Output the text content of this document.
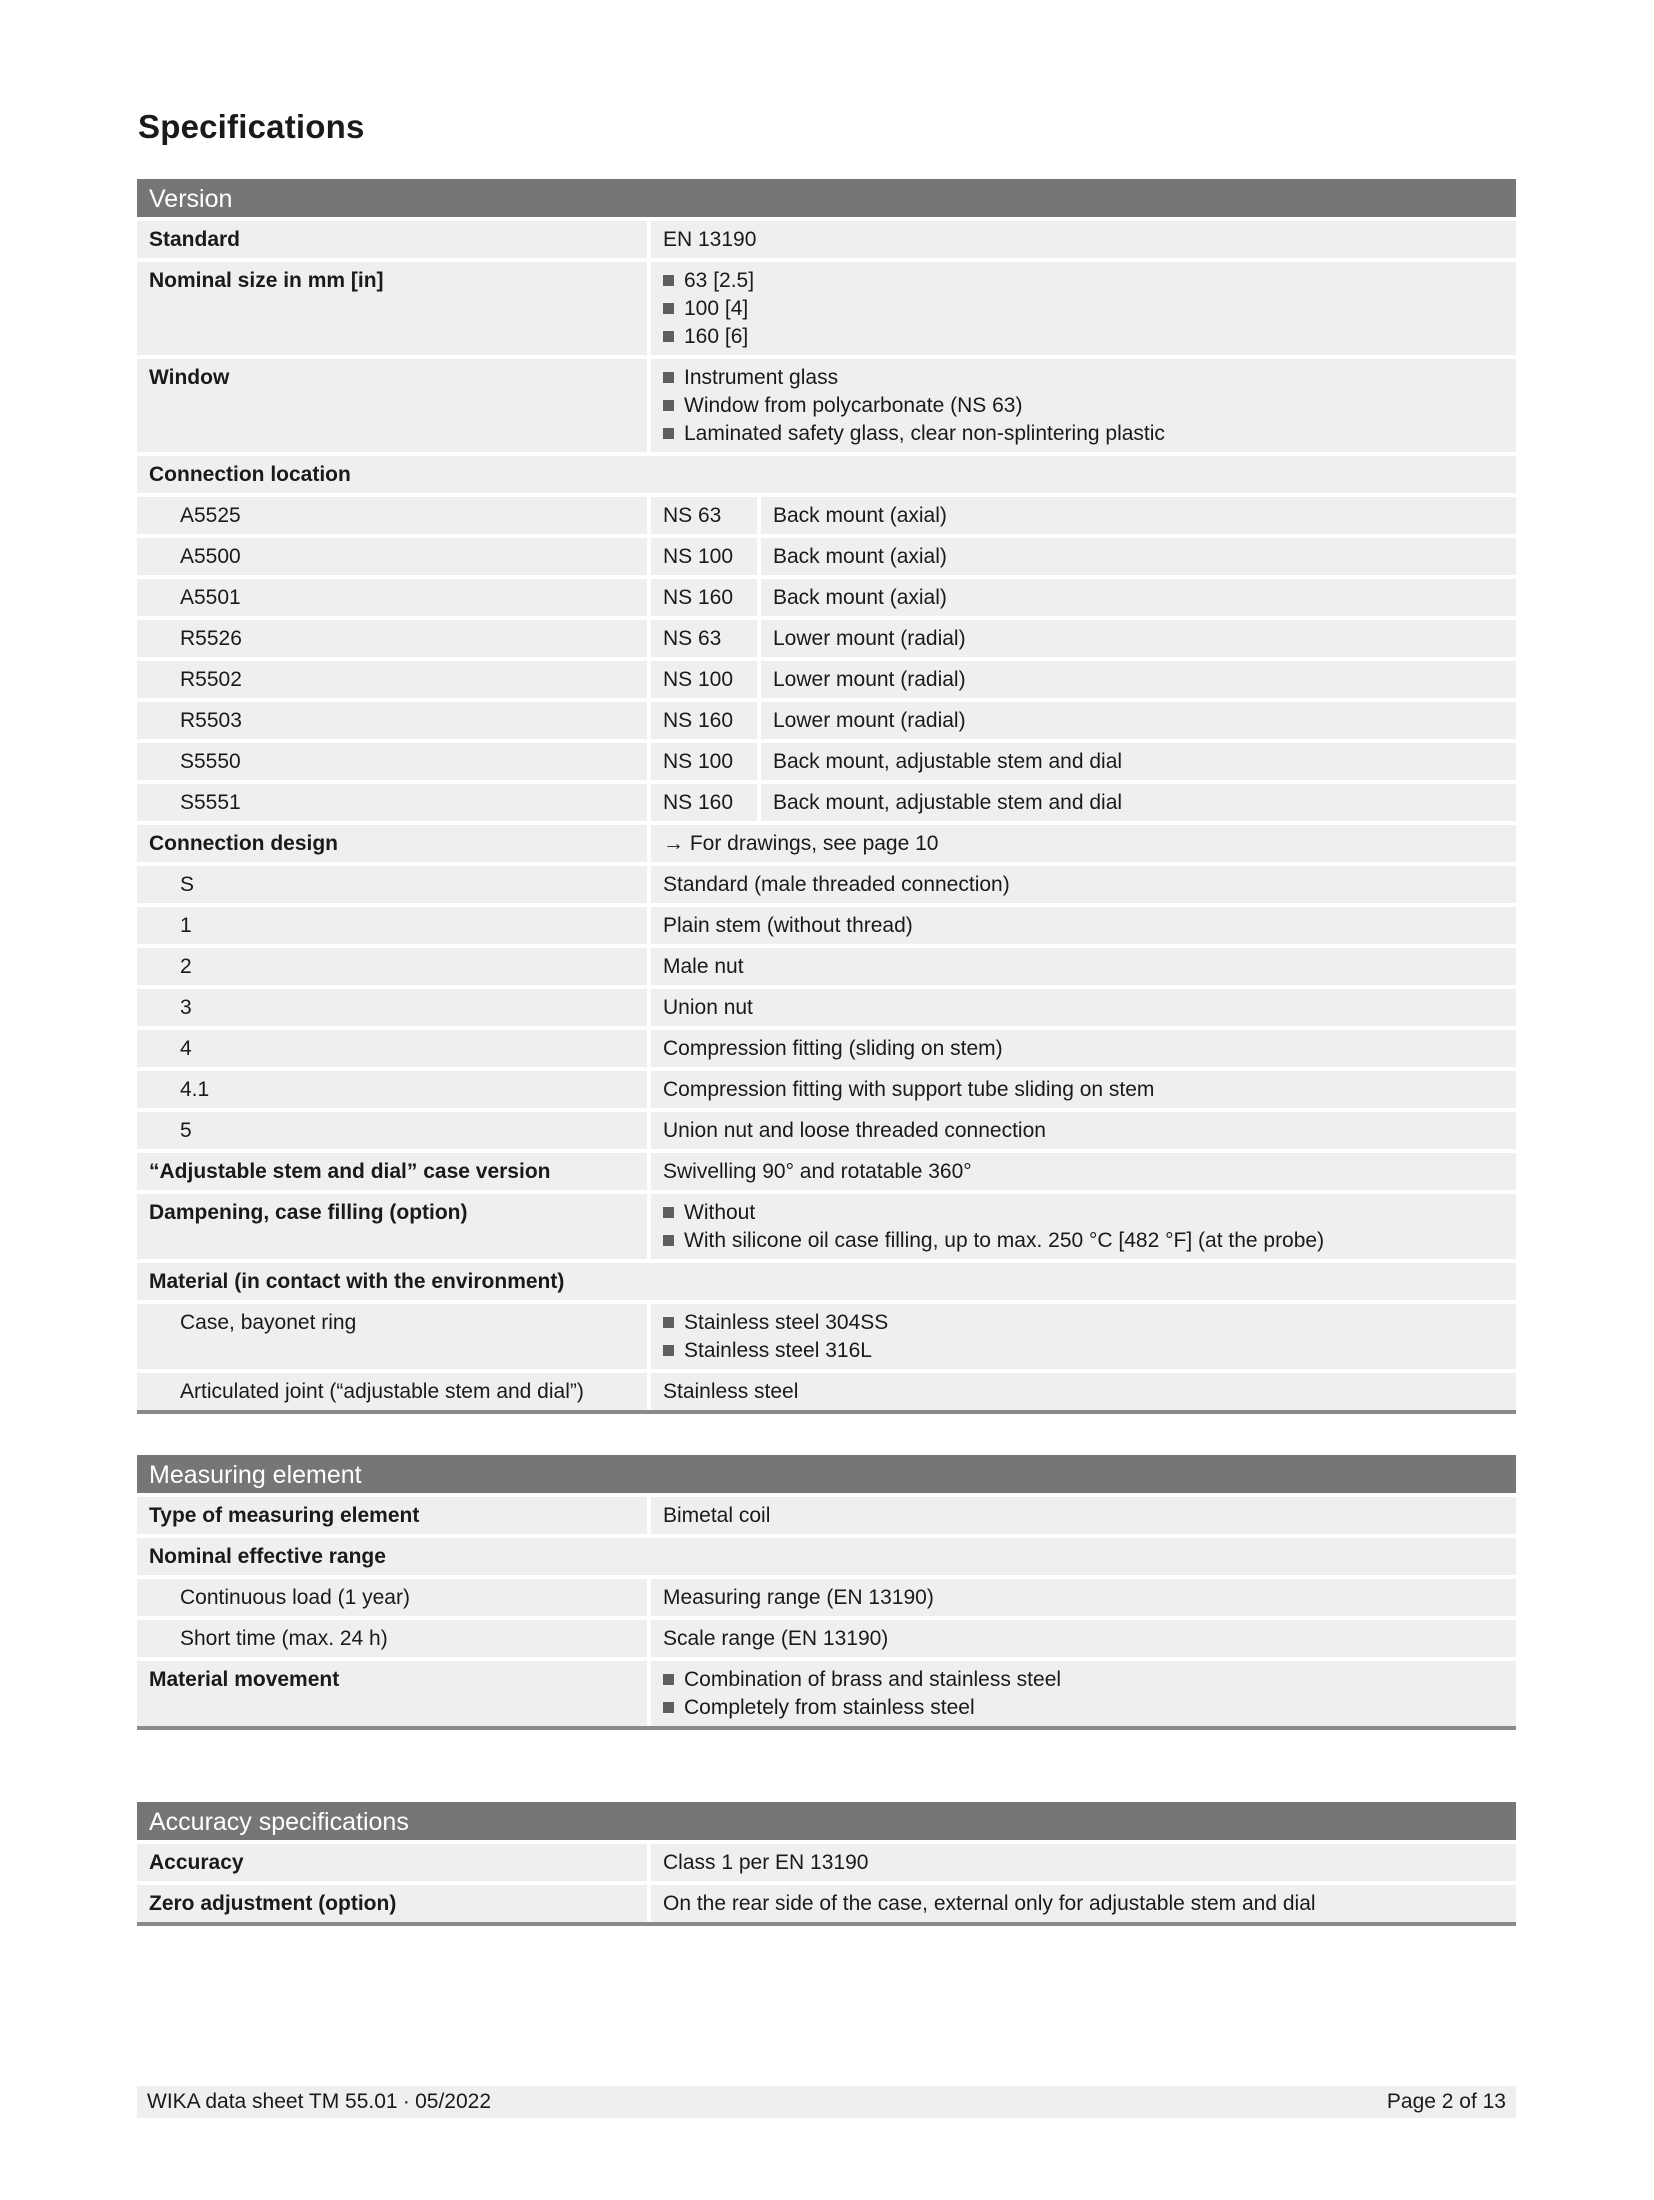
Specifications
Version
Standard	EN 13190
Nominal size in mm [in]	63 [2.5]
100 [4]
160 [6]
Window	Instrument glass
Window from polycarbonate (NS 63)
Laminated safety glass, clear non-splintering plastic
Connection location
A5525	NS 63	Back mount (axial)
A5500	NS 100	Back mount (axial)
A5501	NS 160	Back mount (axial)
R5526	NS 63	Lower mount (radial)
R5502	NS 100	Lower mount (radial)
R5503	NS 160	Lower mount (radial)
S5550	NS 100	Back mount, adjustable stem and dial
S5551	NS 160	Back mount, adjustable stem and dial
Connection design	→ For drawings, see page 10
S	Standard (male threaded connection)
1	Plain stem (without thread)
2	Male nut
3	Union nut
4	Compression fitting (sliding on stem)
4.1	Compression fitting with support tube sliding on stem
5	Union nut and loose threaded connection
“Adjustable stem and dial” case version	Swivelling 90° and rotatable 360°
Dampening, case filling (option)	Without
With silicone oil case filling, up to max. 250 °C [482 °F] (at the probe)
Material (in contact with the environment)
Case, bayonet ring	Stainless steel 304SS
Stainless steel 316L
Articulated joint (“adjustable stem and dial”)	Stainless steel
Measuring element
Type of measuring element	Bimetal coil
Nominal effective range
Continuous load (1 year)	Measuring range (EN 13190)
Short time (max. 24 h)	Scale range (EN 13190)
Material movement	Combination of brass and stainless steel
Completely from stainless steel
Accuracy specifications
Accuracy	Class 1 per EN 13190
Zero adjustment (option)	On the rear side of the case, external only for adjustable stem and dial
WIKA data sheet TM 55.01 ∙ 05/2022	Page 2 of 13
